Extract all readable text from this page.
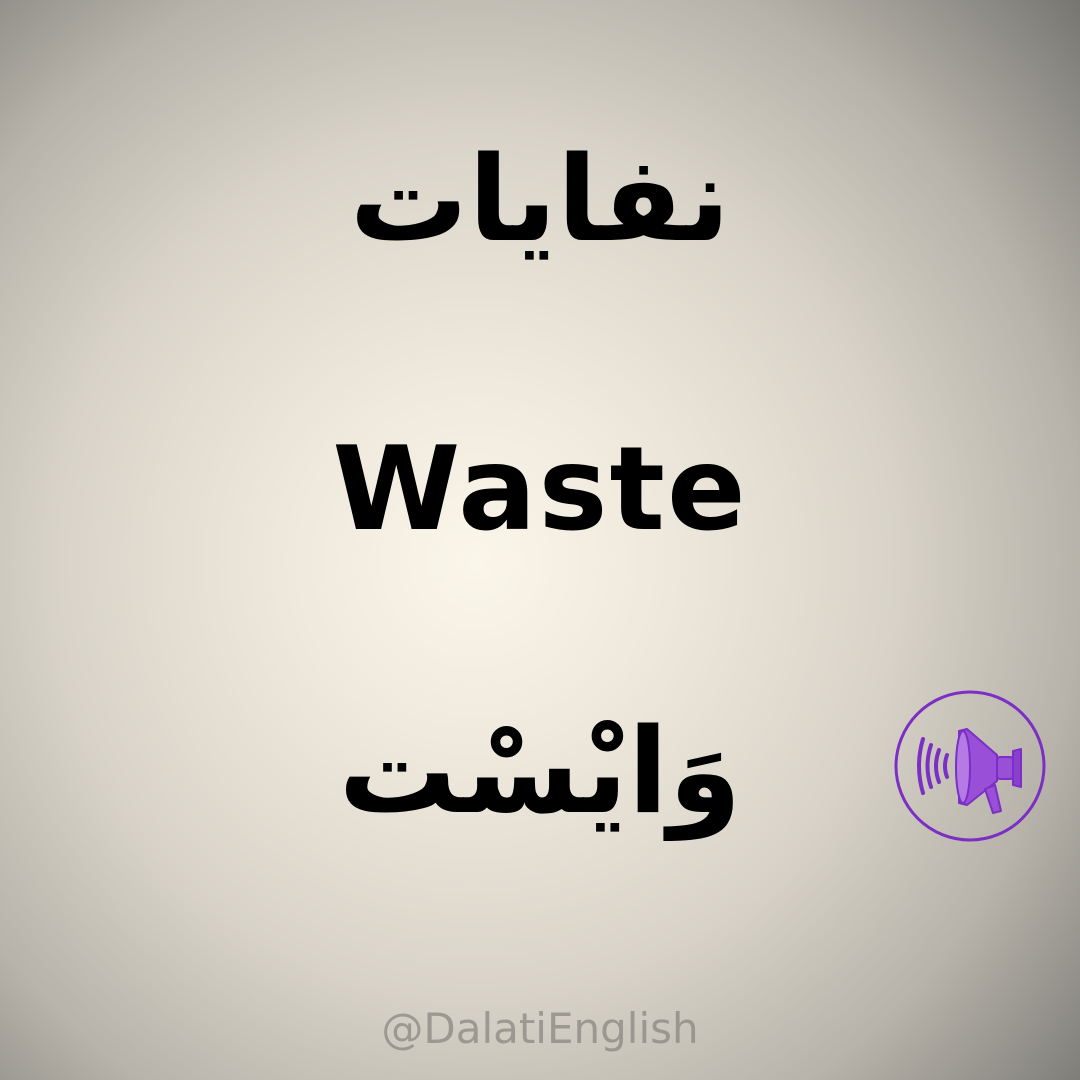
نفايات
Waste
وَايْسْت
@DalatiEnglish
